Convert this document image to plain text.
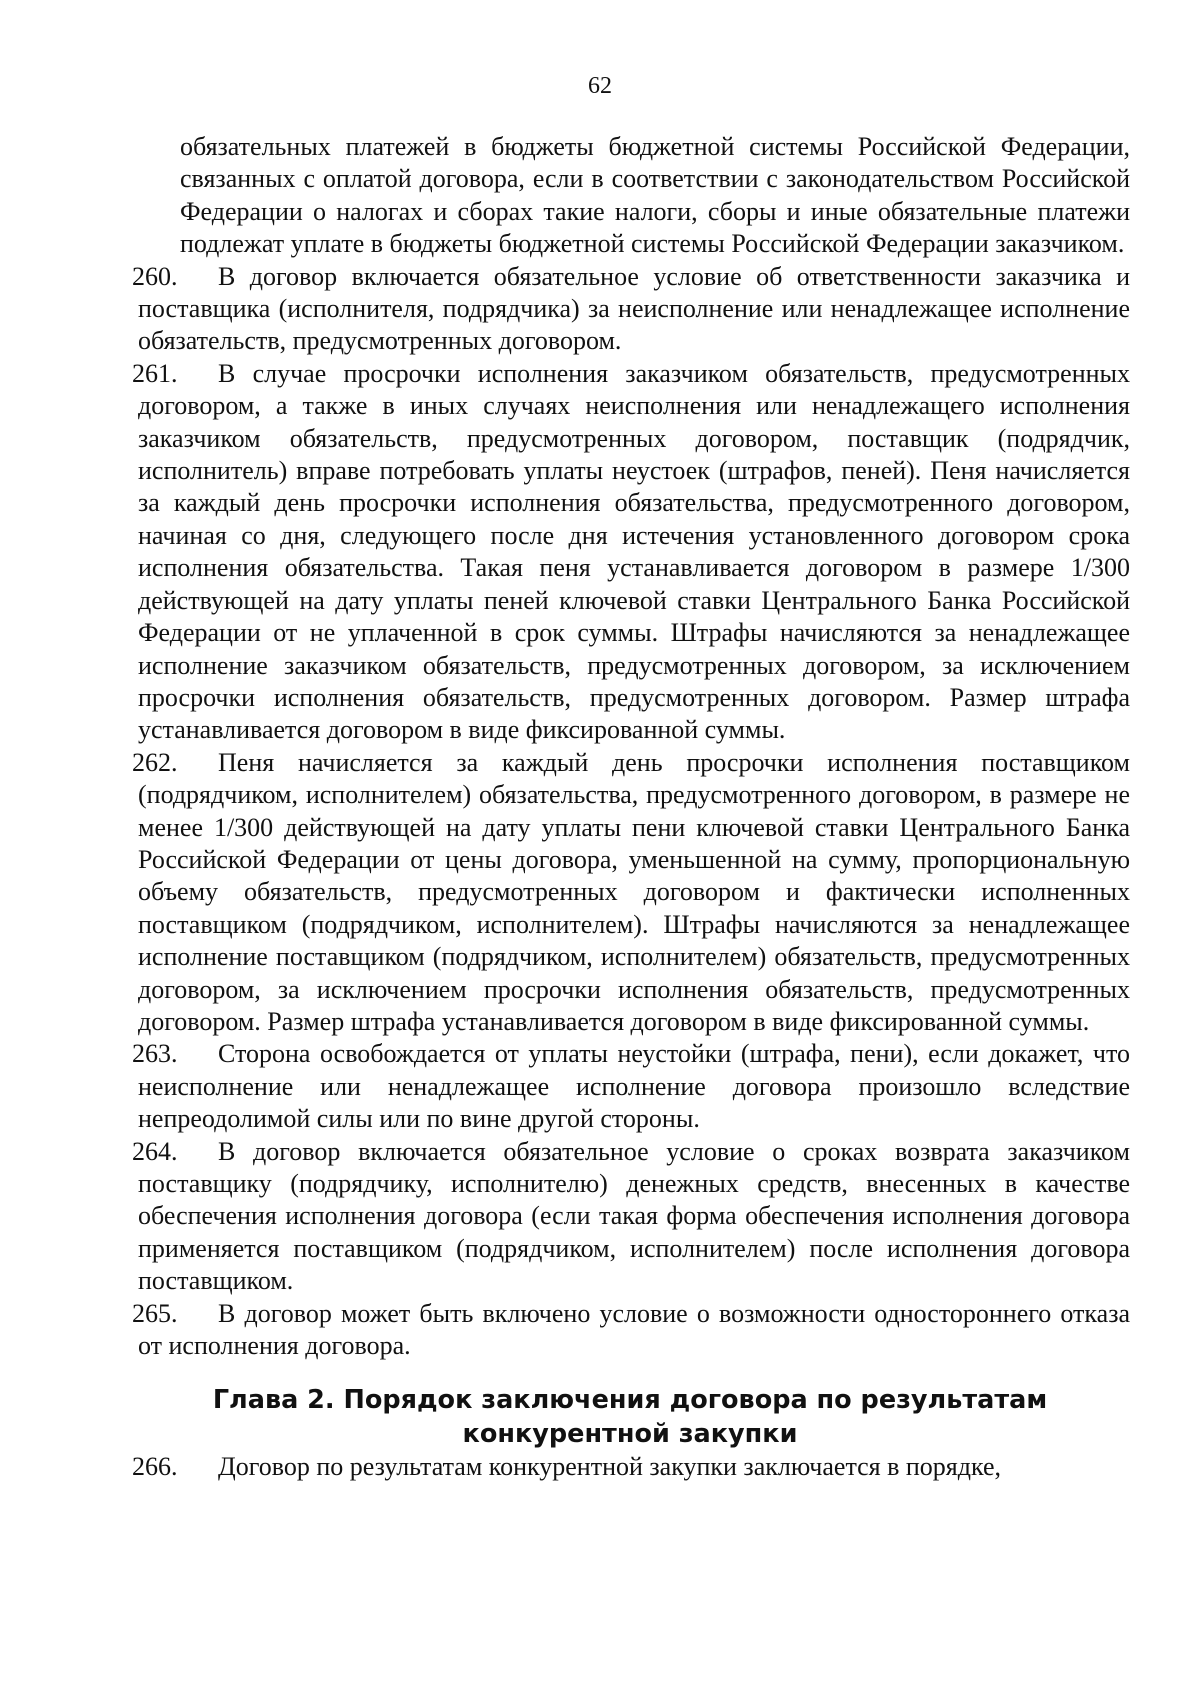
62
обязательных платежей в бюджеты бюджетной системы Российской Федерации, связанных с оплатой договора, если в соответствии с законодательством Российской Федерации о налогах и сборах такие налоги, сборы и иные обязательные платежи подлежат уплате в бюджеты бюджетной системы Российской Федерации заказчиком.
260. В договор включается обязательное условие об ответственности заказчика и поставщика (исполнителя, подрядчика) за неисполнение или ненадлежащее исполнение обязательств, предусмотренных договором.
261. В случае просрочки исполнения заказчиком обязательств, предусмотренных договором, а также в иных случаях неисполнения или ненадлежащего исполнения заказчиком обязательств, предусмотренных договором, поставщик (подрядчик, исполнитель) вправе потребовать уплаты неустоек (штрафов, пеней). Пеня начисляется за каждый день просрочки исполнения обязательства, предусмотренного договором, начиная со дня, следующего после дня истечения установленного договором срока исполнения обязательства. Такая пеня устанавливается договором в размере 1/300 действующей на дату уплаты пеней ключевой ставки Центрального Банка Российской Федерации от не уплаченной в срок суммы. Штрафы начисляются за ненадлежащее исполнение заказчиком обязательств, предусмотренных договором, за исключением просрочки исполнения обязательств, предусмотренных договором. Размер штрафа устанавливается договором в виде фиксированной суммы.
262. Пеня начисляется за каждый день просрочки исполнения поставщиком (подрядчиком, исполнителем) обязательства, предусмотренного договором, в размере не менее 1/300 действующей на дату уплаты пени ключевой ставки Центрального Банка Российской Федерации от цены договора, уменьшенной на сумму, пропорциональную объему обязательств, предусмотренных договором и фактически исполненных поставщиком (подрядчиком, исполнителем). Штрафы начисляются за ненадлежащее исполнение поставщиком (подрядчиком, исполнителем) обязательств, предусмотренных договором, за исключением просрочки исполнения обязательств, предусмотренных договором. Размер штрафа устанавливается договором в виде фиксированной суммы.
263. Сторона освобождается от уплаты неустойки (штрафа, пени), если докажет, что неисполнение или ненадлежащее исполнение договора произошло вследствие непреодолимой силы или по вине другой стороны.
264. В договор включается обязательное условие о сроках возврата заказчиком поставщику (подрядчику, исполнителю) денежных средств, внесенных в качестве обеспечения исполнения договора (если такая форма обеспечения исполнения договора применяется поставщиком (подрядчиком, исполнителем) после исполнения договора поставщиком.
265. В договор может быть включено условие о возможности одностороннего отказа от исполнения договора.
Глава 2. Порядок заключения договора по результатам конкурентной закупки
266. Договор по результатам конкурентной закупки заключается в порядке,
